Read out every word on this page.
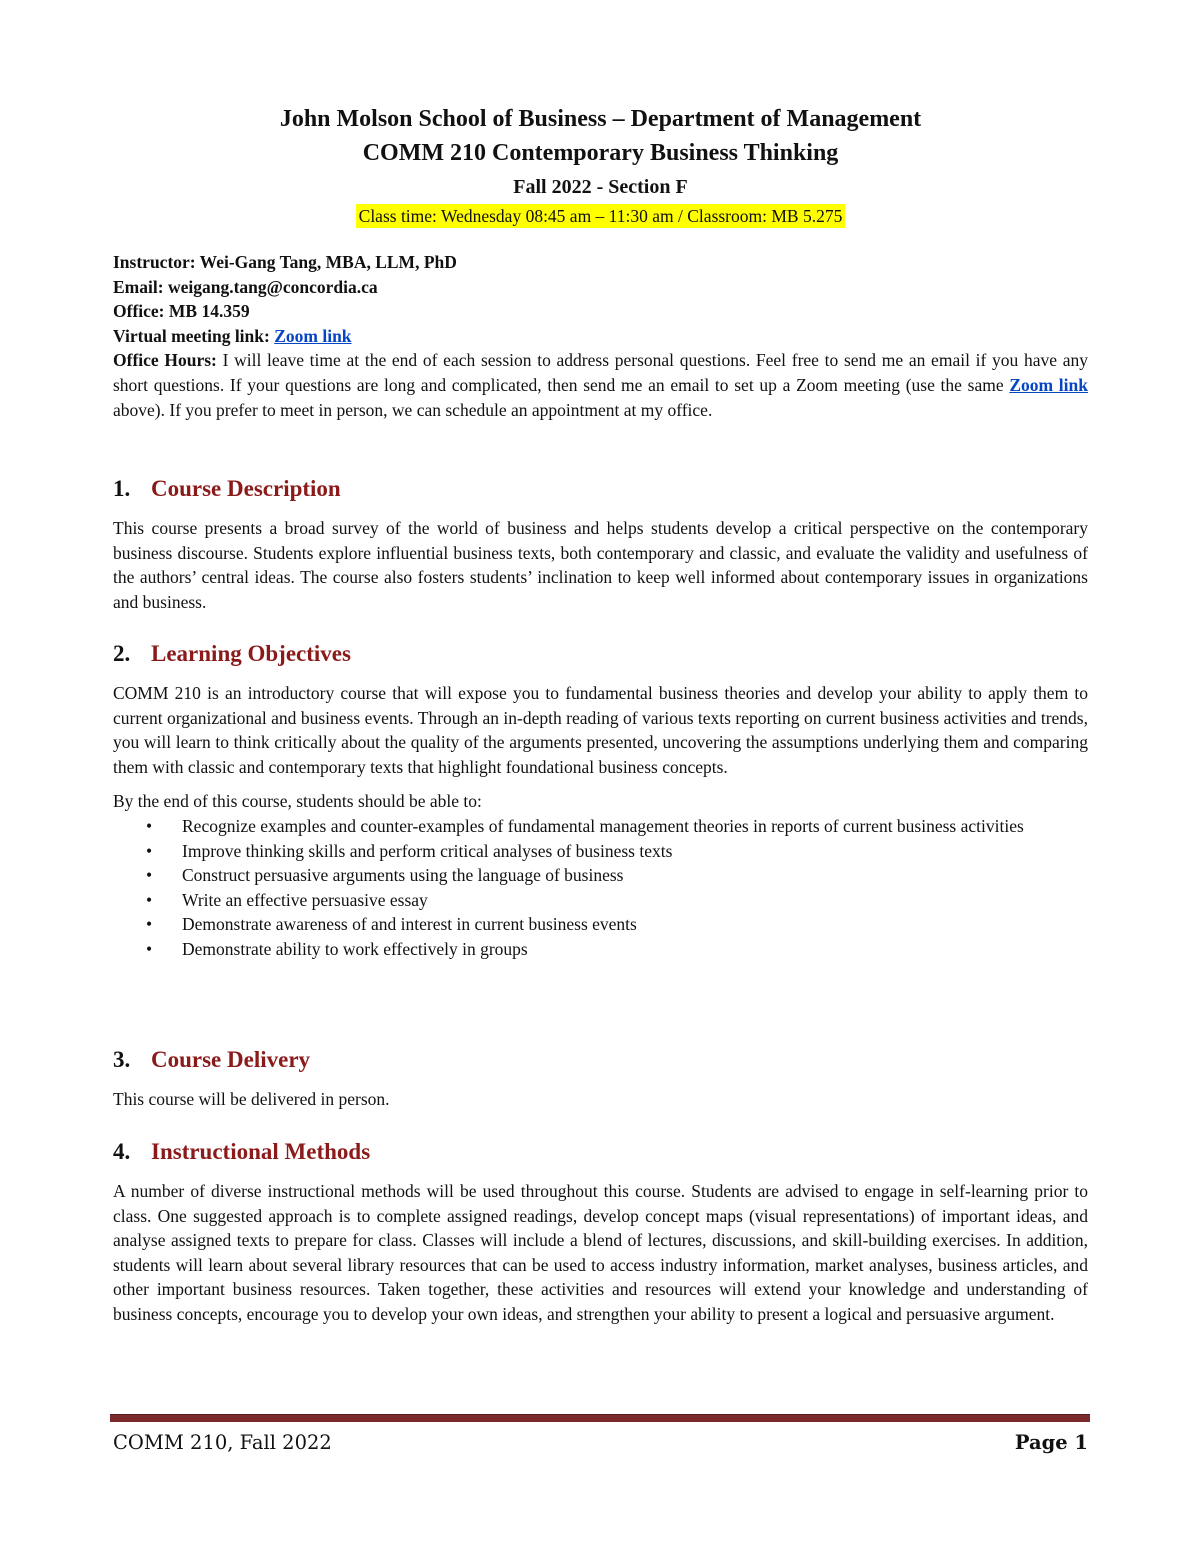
John Molson School of Business – Department of Management
COMM 210 Contemporary Business Thinking
Fall 2022 - Section F
Class time: Wednesday 08:45 am – 11:30 am / Classroom: MB 5.275
Instructor: Wei-Gang Tang, MBA, LLM, PhD
Email: weigang.tang@concordia.ca
Office: MB 14.359
Virtual meeting link: Zoom link
Office Hours: I will leave time at the end of each session to address personal questions. Feel free to send me an email if you have any short questions. If your questions are long and complicated, then send me an email to set up a Zoom meeting (use the same Zoom link above). If you prefer to meet in person, we can schedule an appointment at my office.
1. Course Description
This course presents a broad survey of the world of business and helps students develop a critical perspective on the contemporary business discourse. Students explore influential business texts, both contemporary and classic, and evaluate the validity and usefulness of the authors’ central ideas. The course also fosters students’ inclination to keep well informed about contemporary issues in organizations and business.
2. Learning Objectives
COMM 210 is an introductory course that will expose you to fundamental business theories and develop your ability to apply them to current organizational and business events. Through an in-depth reading of various texts reporting on current business activities and trends, you will learn to think critically about the quality of the arguments presented, uncovering the assumptions underlying them and comparing them with classic and contemporary texts that highlight foundational business concepts.
By the end of this course, students should be able to:
• Recognize examples and counter-examples of fundamental management theories in reports of current business activities
• Improve thinking skills and perform critical analyses of business texts
• Construct persuasive arguments using the language of business
• Write an effective persuasive essay
• Demonstrate awareness of and interest in current business events
• Demonstrate ability to work effectively in groups
3. Course Delivery
This course will be delivered in person.
4. Instructional Methods
A number of diverse instructional methods will be used throughout this course. Students are advised to engage in self-learning prior to class. One suggested approach is to complete assigned readings, develop concept maps (visual representations) of important ideas, and analyse assigned texts to prepare for class. Classes will include a blend of lectures, discussions, and skill-building exercises. In addition, students will learn about several library resources that can be used to access industry information, market analyses, business articles, and other important business resources. Taken together, these activities and resources will extend your knowledge and understanding of business concepts, encourage you to develop your own ideas, and strengthen your ability to present a logical and persuasive argument.
COMM 210, Fall 2022	Page 1
